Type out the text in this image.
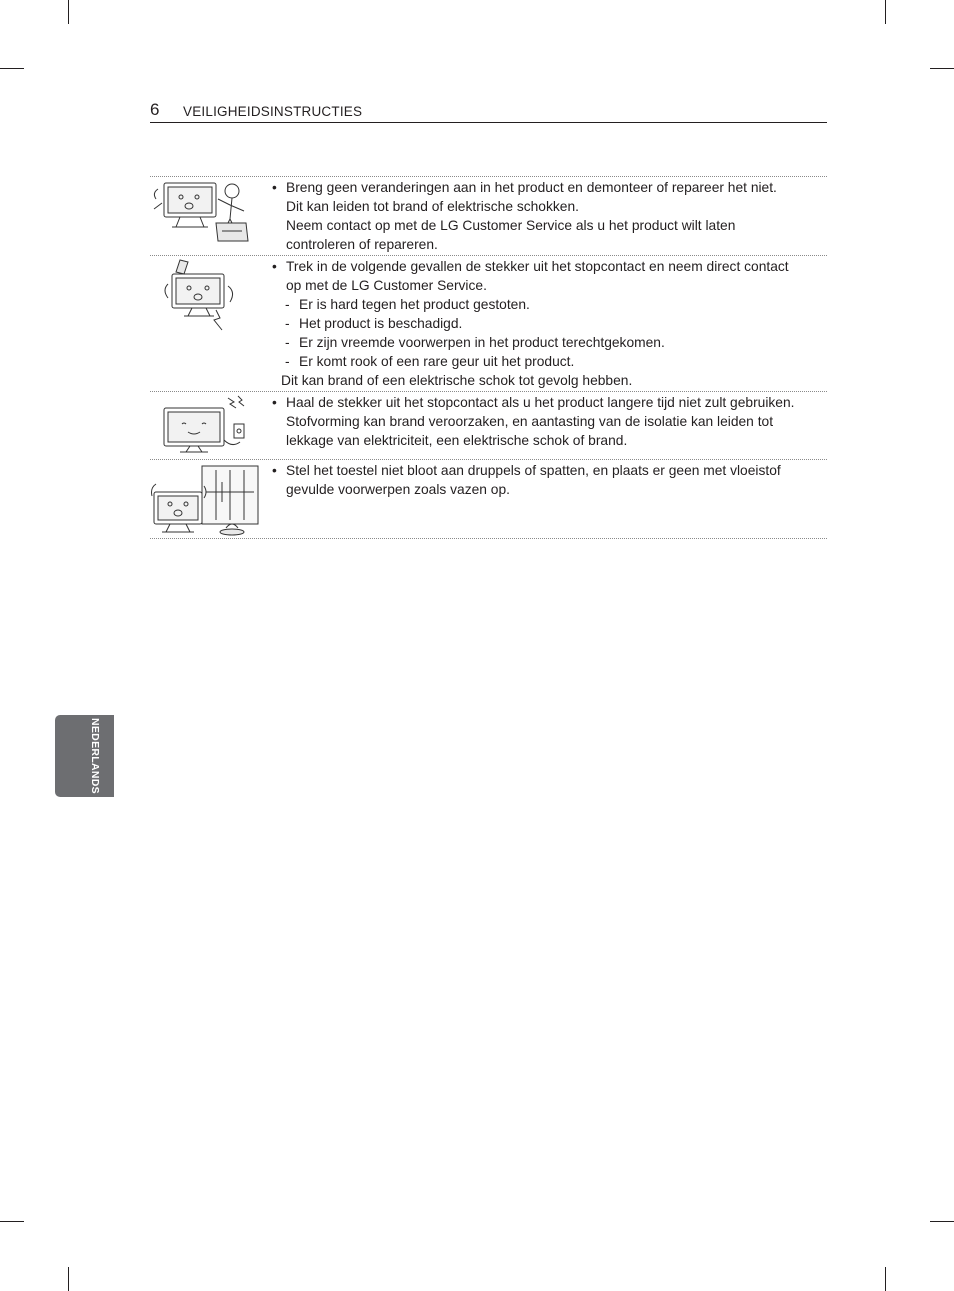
6 VEILIGHEIDSINSTRUCTIES
• Breng geen veranderingen aan in het product en demonteer of repareer het niet.
Dit kan leiden tot brand of elektrische schokken.
Neem contact op met de LG Customer Service als u het product wilt laten
controleren of repareren.
• Trek in de volgende gevallen de stekker uit het stopcontact en neem direct contact
op met de LG Customer Service.
- Er is hard tegen het product gestoten.
- Het product is beschadigd.
- Er zijn vreemde voorwerpen in het product terechtgekomen.
- Er komt rook of een rare geur uit het product.
Dit kan brand of een elektrische schok tot gevolg hebben.
• Haal de stekker uit het stopcontact als u het product langere tijd niet zult gebruiken.
Stofvorming kan brand veroorzaken, en aantasting van de isolatie kan leiden tot
lekkage van elektriciteit, een elektrische schok of brand.
• Stel het toestel niet bloot aan druppels of spatten, en plaats er geen met vloeistof
gevulde voorwerpen zoals vazen op.
NEDERLANDS
